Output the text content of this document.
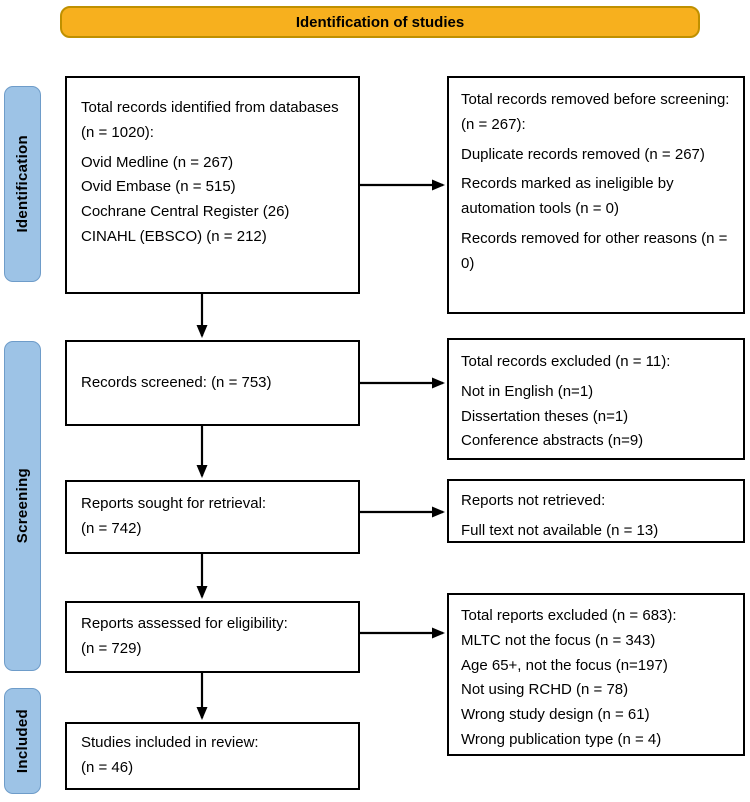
Identification of studies
Identification
Screening
Included
Total records identified from databases (n = 1020):
Ovid Medline (n = 267)
Ovid Embase (n = 515)
Cochrane Central Register (26)
CINAHL (EBSCO) (n = 212)
Total records removed before screening: (n = 267):
Duplicate records removed (n = 267)
Records marked as ineligible by automation tools (n = 0)
Records removed for other reasons (n = 0)
Records screened: (n = 753)
Total records excluded (n = 11):
Not in English (n=1)
Dissertation theses (n=1)
Conference abstracts (n=9)
Reports sought for retrieval:
(n = 742)
Reports not retrieved:
Full text not available (n = 13)
Reports assessed for eligibility:
(n = 729)
Total reports excluded (n = 683):
MLTC not the focus (n = 343)
Age 65+, not the focus (n=197)
Not using RCHD (n = 78)
Wrong study design (n = 61)
Wrong publication type (n = 4)
Studies included in review:
(n = 46)
